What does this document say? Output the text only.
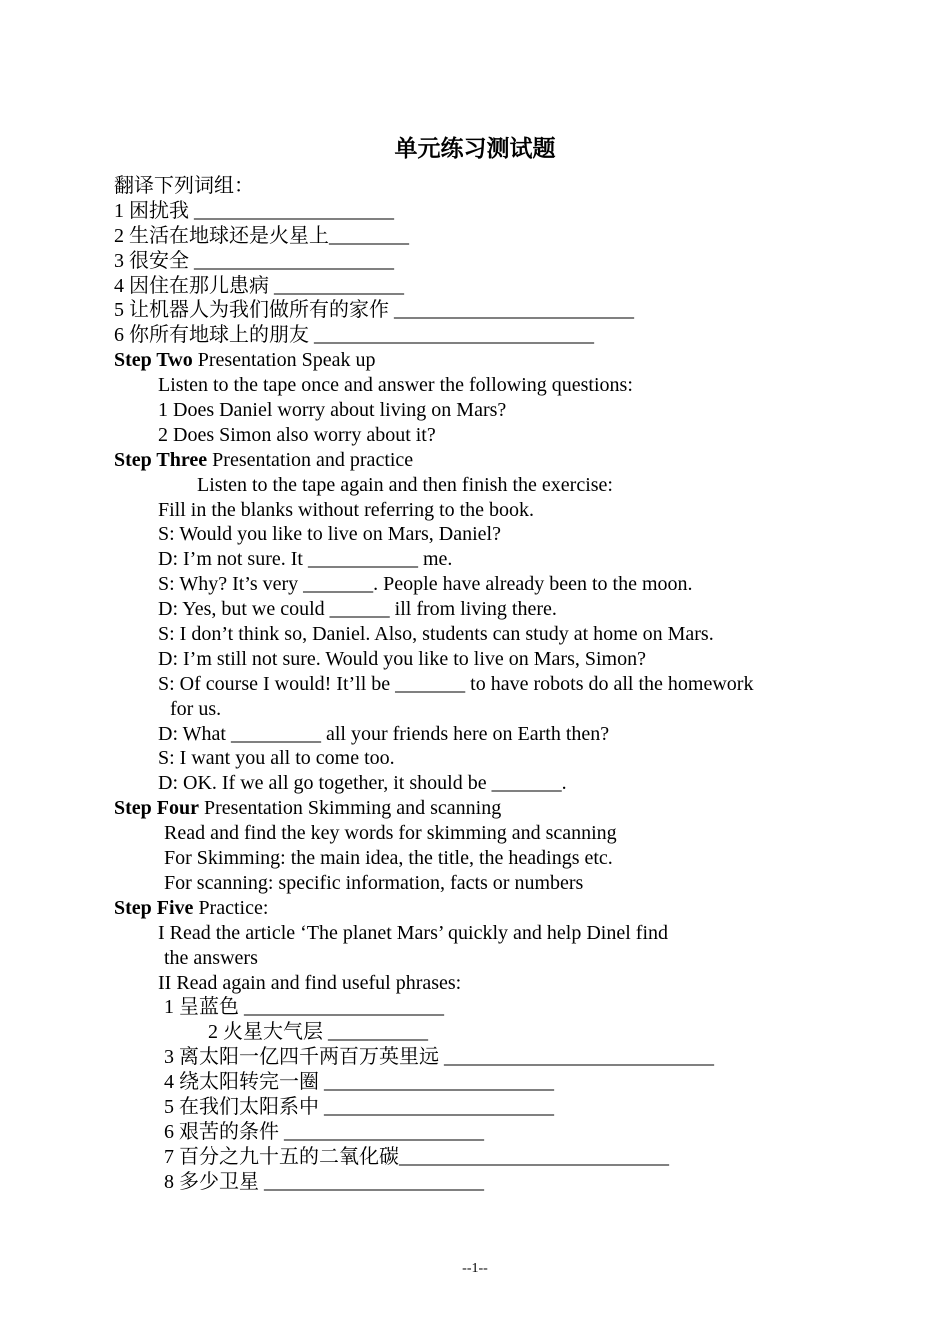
单元练习测试题
翻译下列词组：
1 困扰我 ____________________
2 生活在地球还是火星上________
3 很安全 ____________________
4 因住在那儿患病 _____________
5 让机器人为我们做所有的家作 ________________________
6 你所有地球上的朋友 ____________________________
Step Two Presentation Speak up
Listen to the tape once and answer the following questions:
1 Does Daniel worry about living on Mars?
2 Does Simon also worry about it?
Step Three Presentation and practice
Listen to the tape again and then finish the exercise:
Fill in the blanks without referring to the book.
S: Would you like to live on Mars, Daniel?
D: I’m not sure. It ___________ me.
S: Why? It’s very _______. People have already been to the moon.
D: Yes, but we could ______ ill from living there.
S: I don’t think so, Daniel. Also, students can study at home on Mars.
D: I’m still not sure. Would you like to live on Mars, Simon?
S: Of course I would! It’ll be _______ to have robots do all the homework
for us.
D: What _________ all your friends here on Earth then?
S: I want you all to come too.
D: OK. If we all go together, it should be _______.
Step Four Presentation Skimming and scanning
Read and find the key words for skimming and scanning
For Skimming: the main idea, the title, the headings etc.
For scanning: specific information, facts or numbers
Step Five Practice:
I Read the article ‘The planet Mars’ quickly and help Dinel find
the answers
II Read again and find useful phrases:
1 呈蓝色 ____________________
2 火星大气层 __________
3 离太阳一亿四千两百万英里远 ___________________________
4 绕太阳转完一圈 _______________________
5 在我们太阳系中 _______________________
6 艰苦的条件 ____________________
7 百分之九十五的二氧化碳___________________________
8 多少卫星 ______________________
--1--
